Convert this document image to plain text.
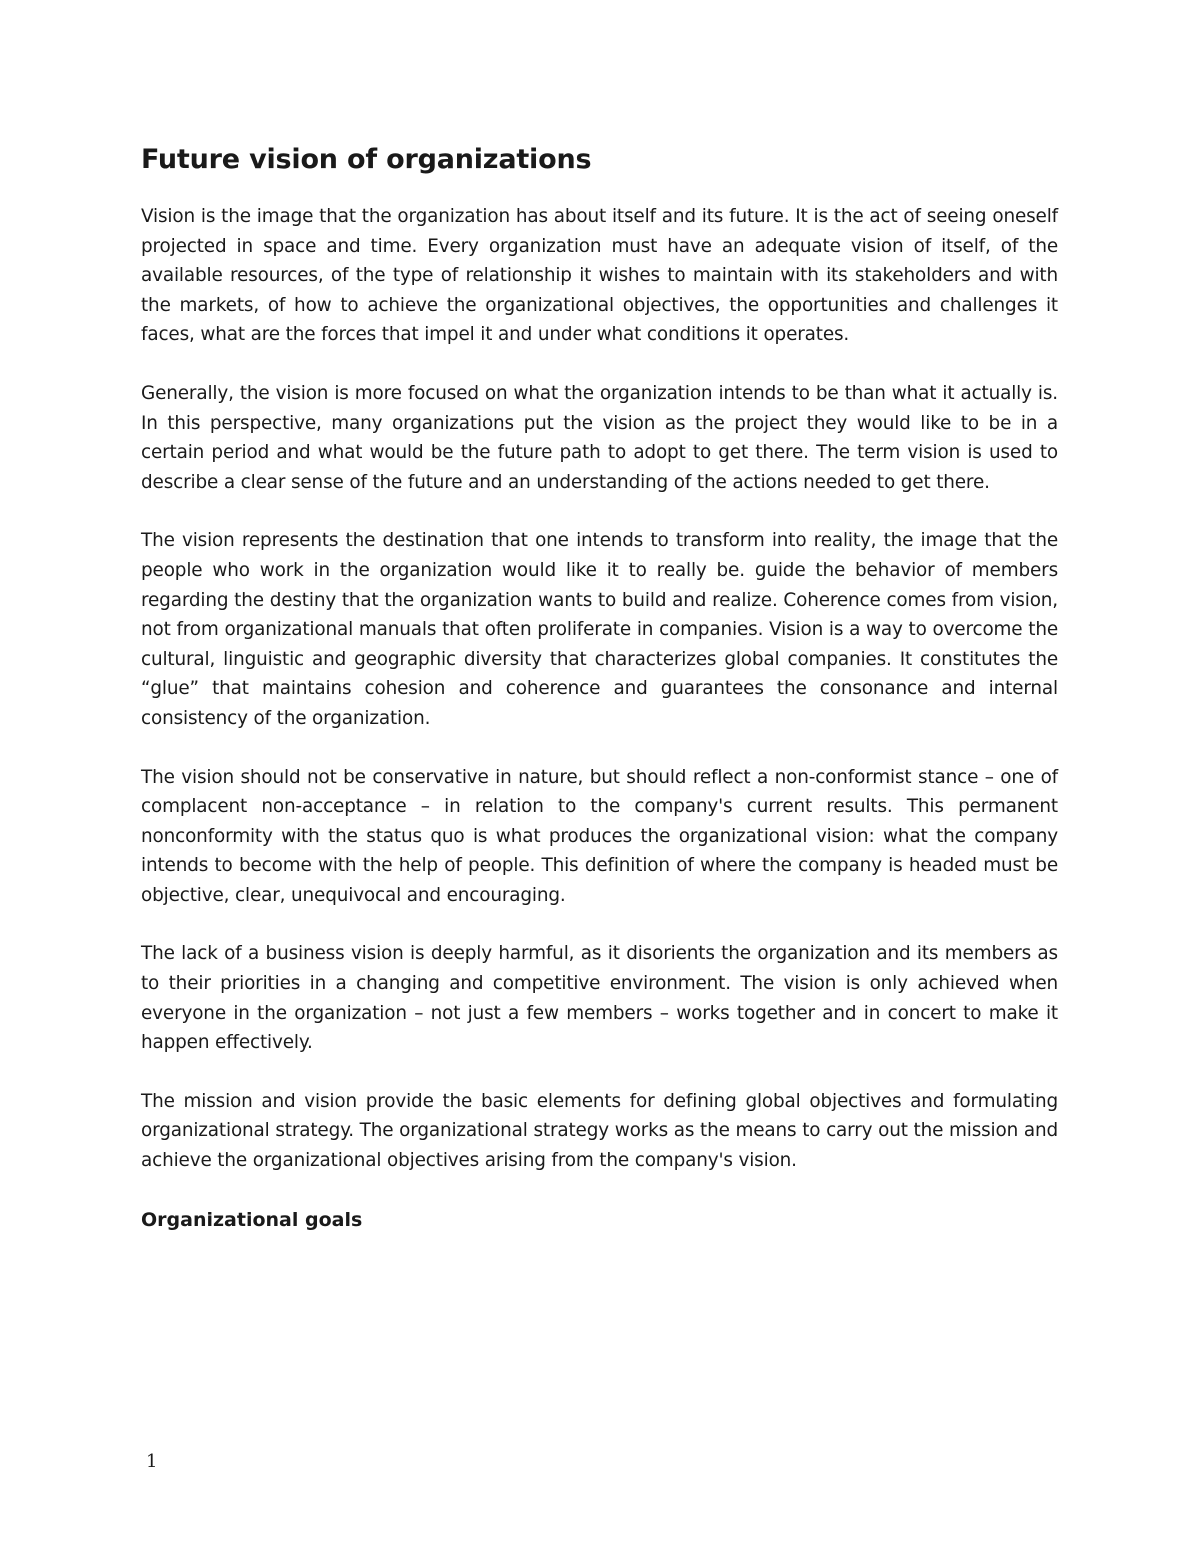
Future vision of organizations

Vision is the image that the organization has about itself and its future. It is the act of seeing oneself projected in space and time. Every organization must have an adequate vision of itself, of the available resources, of the type of relationship it wishes to maintain with its stakeholders and with the markets, of how to achieve the organizational objectives, the opportunities and challenges it faces, what are the forces that impel it and under what conditions it operates.

Generally, the vision is more focused on what the organization intends to be than what it actually is. In this perspective, many organizations put the vision as the project they would like to be in a certain period and what would be the future path to adopt to get there. The term vision is used to describe a clear sense of the future and an understanding of the actions needed to get there.

The vision represents the destination that one intends to transform into reality, the image that the people who work in the organization would like it to really be. guide the behavior of members regarding the destiny that the organization wants to build and realize. Coherence comes from vision, not from organizational manuals that often proliferate in companies. Vision is a way to overcome the cultural, linguistic and geographic diversity that characterizes global companies. It constitutes the “glue” that maintains cohesion and coherence and guarantees the consonance and internal consistency of the organization.

The vision should not be conservative in nature, but should reflect a non-conformist stance – one of complacent non-acceptance – in relation to the company's current results. This permanent nonconformity with the status quo is what produces the organizational vision: what the company intends to become with the help of people. This definition of where the company is headed must be objective, clear, unequivocal and encouraging.

The lack of a business vision is deeply harmful, as it disorients the organization and its members as to their priorities in a changing and competitive environment. The vision is only achieved when everyone in the organization – not just a few members – works together and in concert to make it happen effectively.

The mission and vision provide the basic elements for defining global objectives and formulating organizational strategy. The organizational strategy works as the means to carry out the mission and achieve the organizational objectives arising from the company's vision.

Organizational goals
1
